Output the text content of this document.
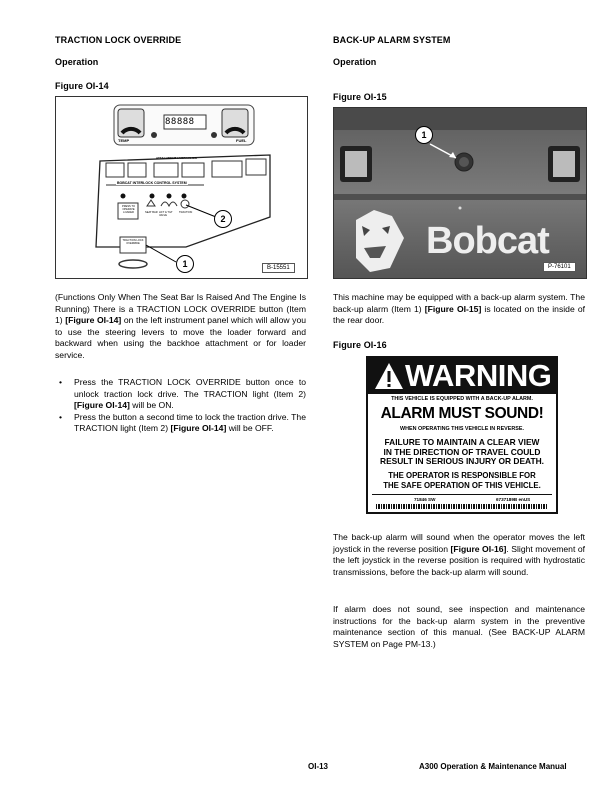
TRACTION LOCK OVERRIDE
Operation
Figure OI-14
TEMP	FUEL
88888
ATTACHMENT HYDRAULICS
BOBCAT INTERLOCK CONTROL SYSTEM
PRESS TO OPERATE LOADER	SEAT BAR LIFT & TILT VALVE
TRACTION
TRACTION LOCK OVERRIDE
2
1	B-15551
(Functions Only When The Seat Bar Is Raised And The Engine Is Running) There is a TRACTION LOCK OVERRIDE button (Item 1) [Figure OI-14] on the left instrument panel which will allow you to use the steering levers to move the loader forward and backward when using the backhoe attachment or for loader service.
• Press the TRACTION LOCK OVERRIDE button once to unlock traction lock drive. The TRACTION light (Item 2) [Figure OI-14] will be ON.
• Press the button a second time to lock the traction drive. The TRACTION light (Item 2) [Figure OI-14] will be OFF.
BACK-UP ALARM SYSTEM
Operation
Figure OI-15
Bobcat
1
P-76101
This machine may be equipped with a back-up alarm system. The back-up alarm (Item 1) [Figure OI-15] is located on the inside of the rear door.
Figure OI-16
WARNING
THIS VEHICLE IS EQUIPPED WITH A BACK-UP ALARM.
ALARM MUST SOUND!
WHEN OPERATING THIS VEHICLE IN REVERSE.
FAILURE TO MAINTAIN A CLEAR VIEW
IN THE DIRECTION OF TRAVEL COULD
RESULT IN SERIOUS INJURY OR DEATH.
THE OPERATOR IS RESPONSIBLE FOR
THE SAFE OPERATION OF THIS VEHICLE.
71846 SW	6737189B enUS
The back-up alarm will sound when the operator moves the left joystick in the reverse position [Figure OI-16]. Slight movement of the left joystick in the reverse position is required with hydrostatic transmissions, before the back-up alarm will sound.
If alarm does not sound, see inspection and maintenance instructions for the back-up alarm system in the preventive maintenance section of this manual. (See BACK-UP ALARM SYSTEM on Page PM-13.)
OI-13	A300 Operation & Maintenance Manual
